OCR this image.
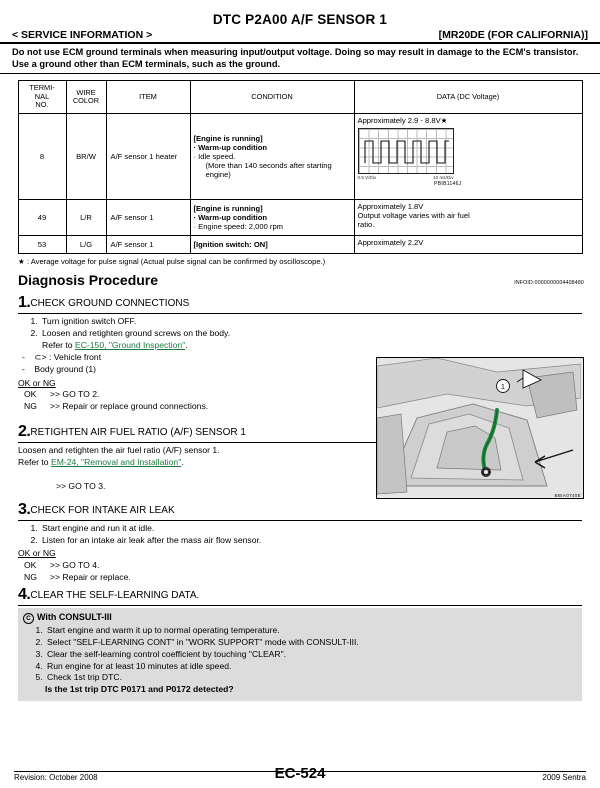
DTC P2A00 A/F SENSOR 1
< SERVICE INFORMATION >	[MR20DE (FOR CALIFORNIA)]
Do not use ECM ground terminals when measuring input/output voltage. Doing so may result in damage to the ECM's transistor. Use a ground other than ECM terminals, such as the ground.
TERMI-
NAL
NO.	WIRE
COLOR	ITEM	CONDITION	DATA (DC Voltage)
8	BR/W	A/F sensor 1 heater	
[Engine is running]
· Warm-up condition
· Idle speed.
(More than 140 seconds after starting
engine)
	Approximately 2.9 - 8.8V★
0.5 V/Div	10 ms/Div
PBIB1146J

49	L/R	A/F sensor 1	[Engine is running]
· Warm-up condition
· Engine speed: 2,000 rpm	Approximately 1.8V
Output voltage varies with air fuel
ratio.

53	L/G	A/F sensor 1	[Ignition switch: ON]	Approximately 2.2V
★ : Average voltage for pulse signal (Actual pulse signal can be confirmed by oscilloscope.)
Diagnosis Procedure	INFOID:0000000004408480
1.CHECK GROUND CONNECTIONS
1. Turn ignition switch OFF.
2. Loosen and retighten ground screws on the body.
Refer to EC-150, "Ground Inspection".
-    ⊂> : Vehicle front
-    Body ground (1)
OK or NG
OK >> GO TO 2.
NG >> Repair or replace ground connections.
1
BBIA0740E
2.RETIGHTEN AIR FUEL RATIO (A/F) SENSOR 1
Loosen and retighten the air fuel ratio (A/F) sensor 1.
Refer to EM-24, "Removal and Installation".
>> GO TO 3.
3.CHECK FOR INTAKE AIR LEAK
1. Start engine and run it at idle.
2. Listen for an intake air leak after the mass air flow sensor.
OK or NG
OK >> GO TO 4.
NG >> Repair or replace.
4.CLEAR THE SELF-LEARNING DATA.
C With CONSULT-III
1. Start engine and warm it up to normal operating temperature.
2. Select "SELF-LEARNING CONT" in "WORK SUPPORT" mode with CONSULT-III.
3. Clear the self-learning control coefficient by touching "CLEAR".
4. Run engine for at least 10 minutes at idle speed.
5. Check 1st trip DTC.
Is the 1st trip DTC P0171 and P0172 detected?
Revision: October 2008	2009 Sentra
EC-524
